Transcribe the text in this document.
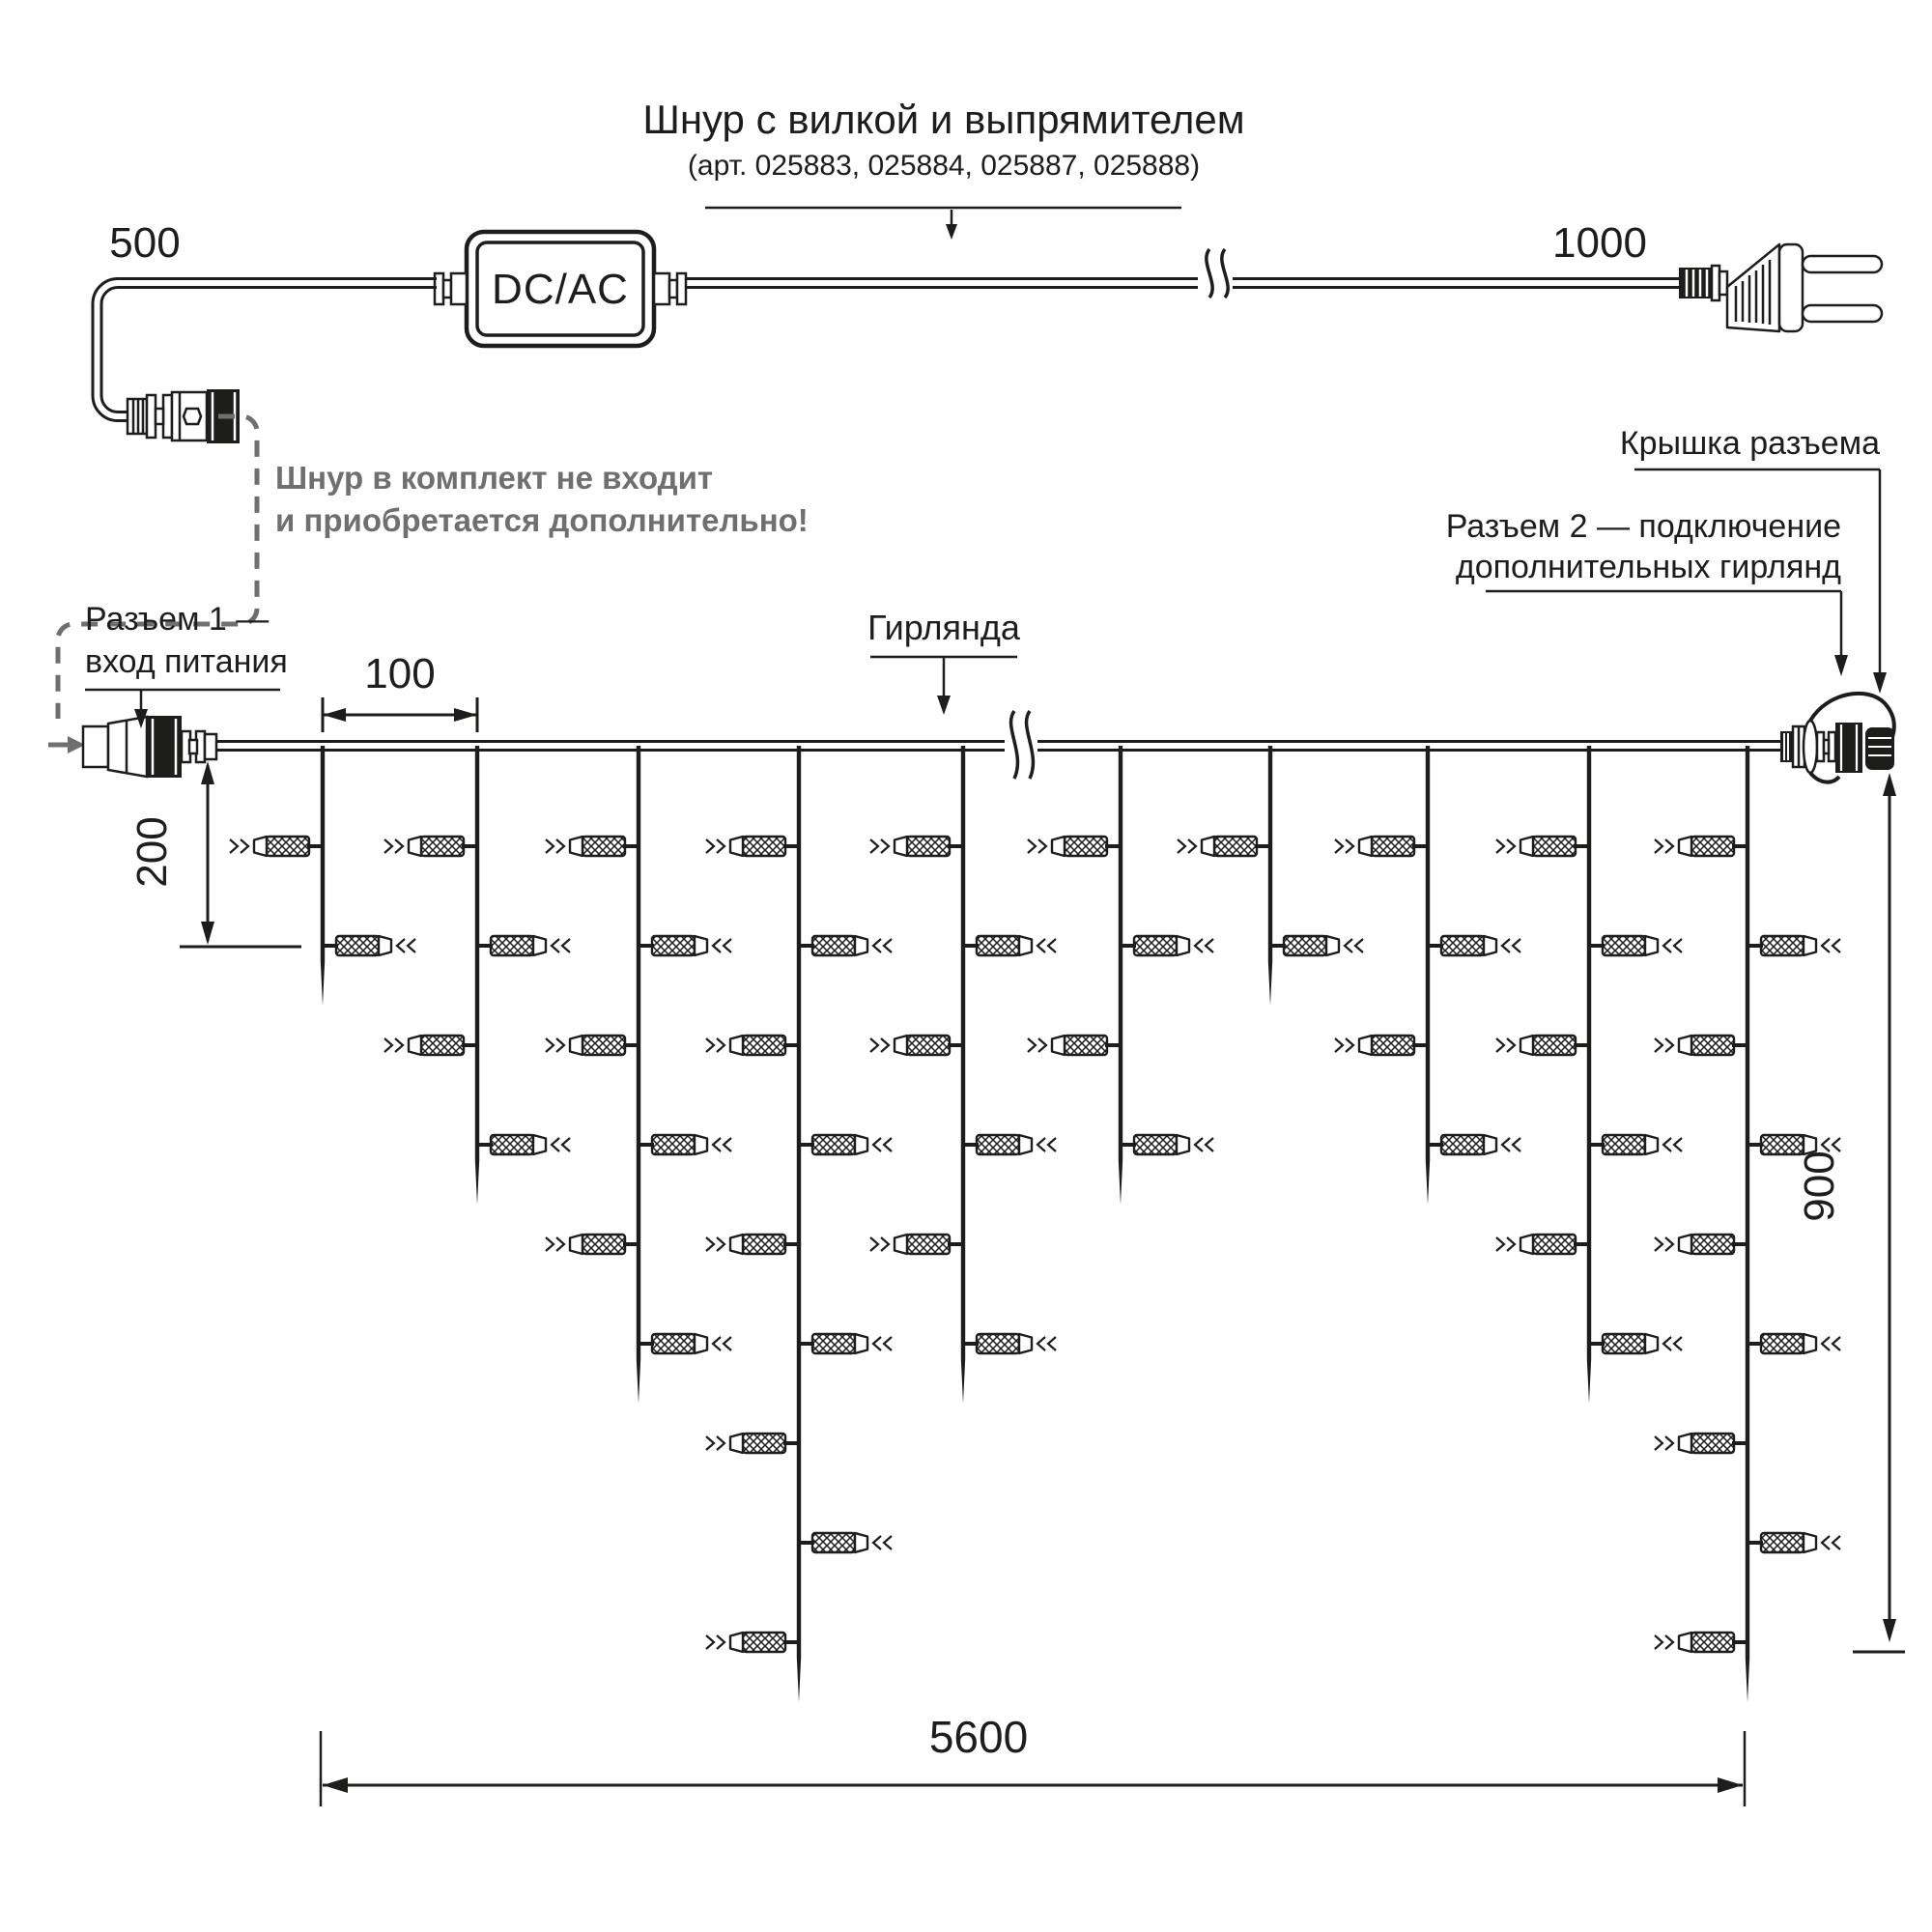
Шнур с вилкой и выпрямителем
(арт. 025883, 025884, 025887, 025888)
DC/AC
500	1000
Шнур в комплект не входит
и приобретается дополнительно!
Разъем 1 —
вход питания
Гирлянда
Крышка разъема
Разъем 2 — подключение
дополнительных гирлянд
100
200
900
5600
